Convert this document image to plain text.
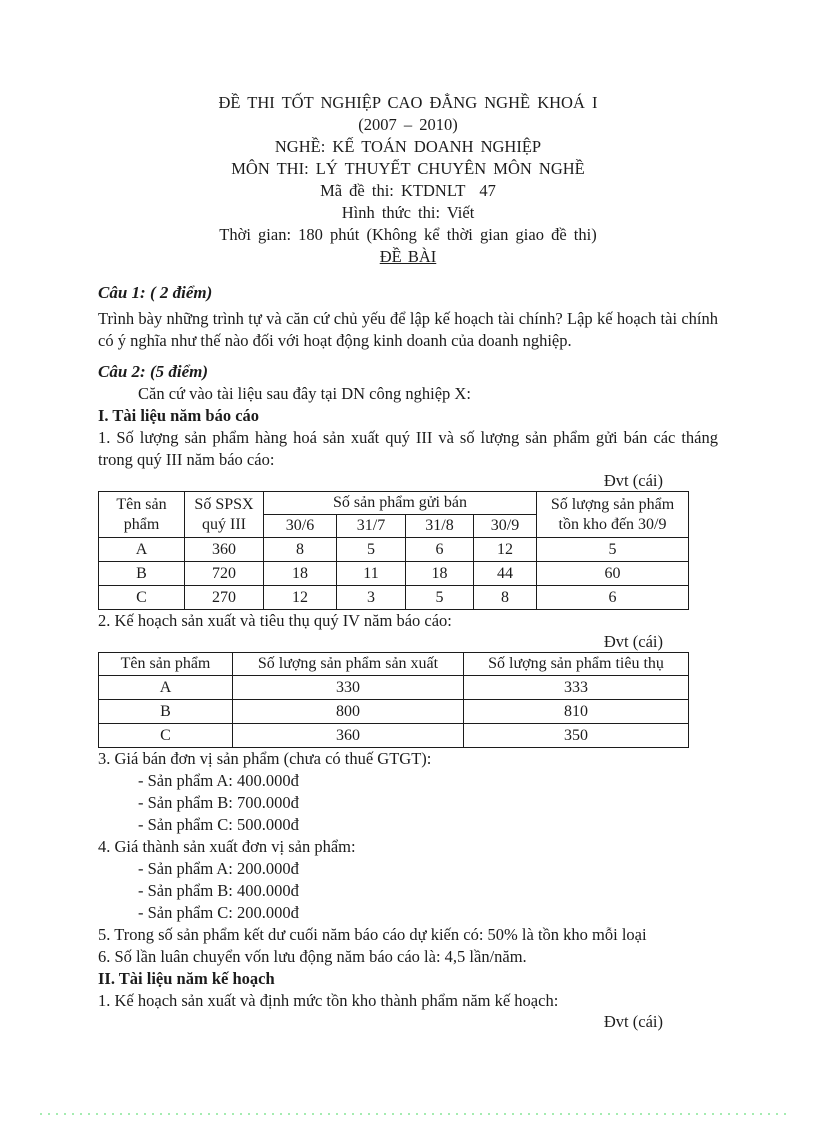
ĐỀ THI TỐT NGHIỆP CAO ĐẲNG NGHỀ KHOÁ I
(2007 – 2010)
NGHỀ: KẾ TOÁN DOANH NGHIỆP
MÔN THI: LÝ THUYẾT CHUYÊN MÔN NGHỀ
Mã đề thi: KTDNLT  47
Hình thức thi: Viết
Thời gian: 180 phút (Không kể thời gian giao đề thi)
ĐỀ BÀI

Câu 1: ( 2 điểm)

Trình bày những trình tự và căn cứ chủ yếu để lập kế hoạch tài chính? Lập kế hoạch tài chính có ý nghĩa như thế nào đối với hoạt động kinh doanh của doanh nghiệp.

Câu 2: (5 điểm)

Căn cứ vào tài liệu sau đây tại DN công nghiệp X:

I. Tài liệu năm báo cáo

1. Số lượng sản phẩm hàng hoá sản xuất quý III và số lượng sản phẩm gửi bán các tháng trong quý III năm báo cáo:

Đvt (cái)
Tên sản phẩm	Số SPSX quý III	Số sản phẩm gửi bán				Số lượng sản phẩm tồn kho đến 30/9
		30/6	31/7	31/8	30/9	
A	360	8	5	6	12	5
B	720	18	11	18	44	60
C	270	12	3	5	8	6

2. Kế hoạch sản xuất và tiêu thụ quý IV năm báo cáo:

Đvt (cái)
Tên sản phẩm	Số lượng sản phẩm sản xuất	Số lượng sản phẩm tiêu thụ
A	330	333
B	800	810
C	360	350

3. Giá bán đơn vị sản phẩm (chưa có thuế GTGT):

- Sản phẩm A: 400.000đ

- Sản phẩm B: 700.000đ

- Sản phẩm C: 500.000đ

4. Giá thành sản xuất đơn vị sản phẩm:

- Sản phẩm A: 200.000đ

- Sản phẩm B: 400.000đ

- Sản phẩm C: 200.000đ

5. Trong số sản phẩm kết dư cuối năm báo cáo dự kiến có: 50% là tồn kho mỗi loại

6. Số lần luân chuyển vốn lưu động năm báo cáo là: 4,5 lần/năm.

II. Tài liệu năm kế hoạch

1. Kế hoạch sản xuất và định mức tồn kho thành phẩm năm kế hoạch:

Đvt (cái)
